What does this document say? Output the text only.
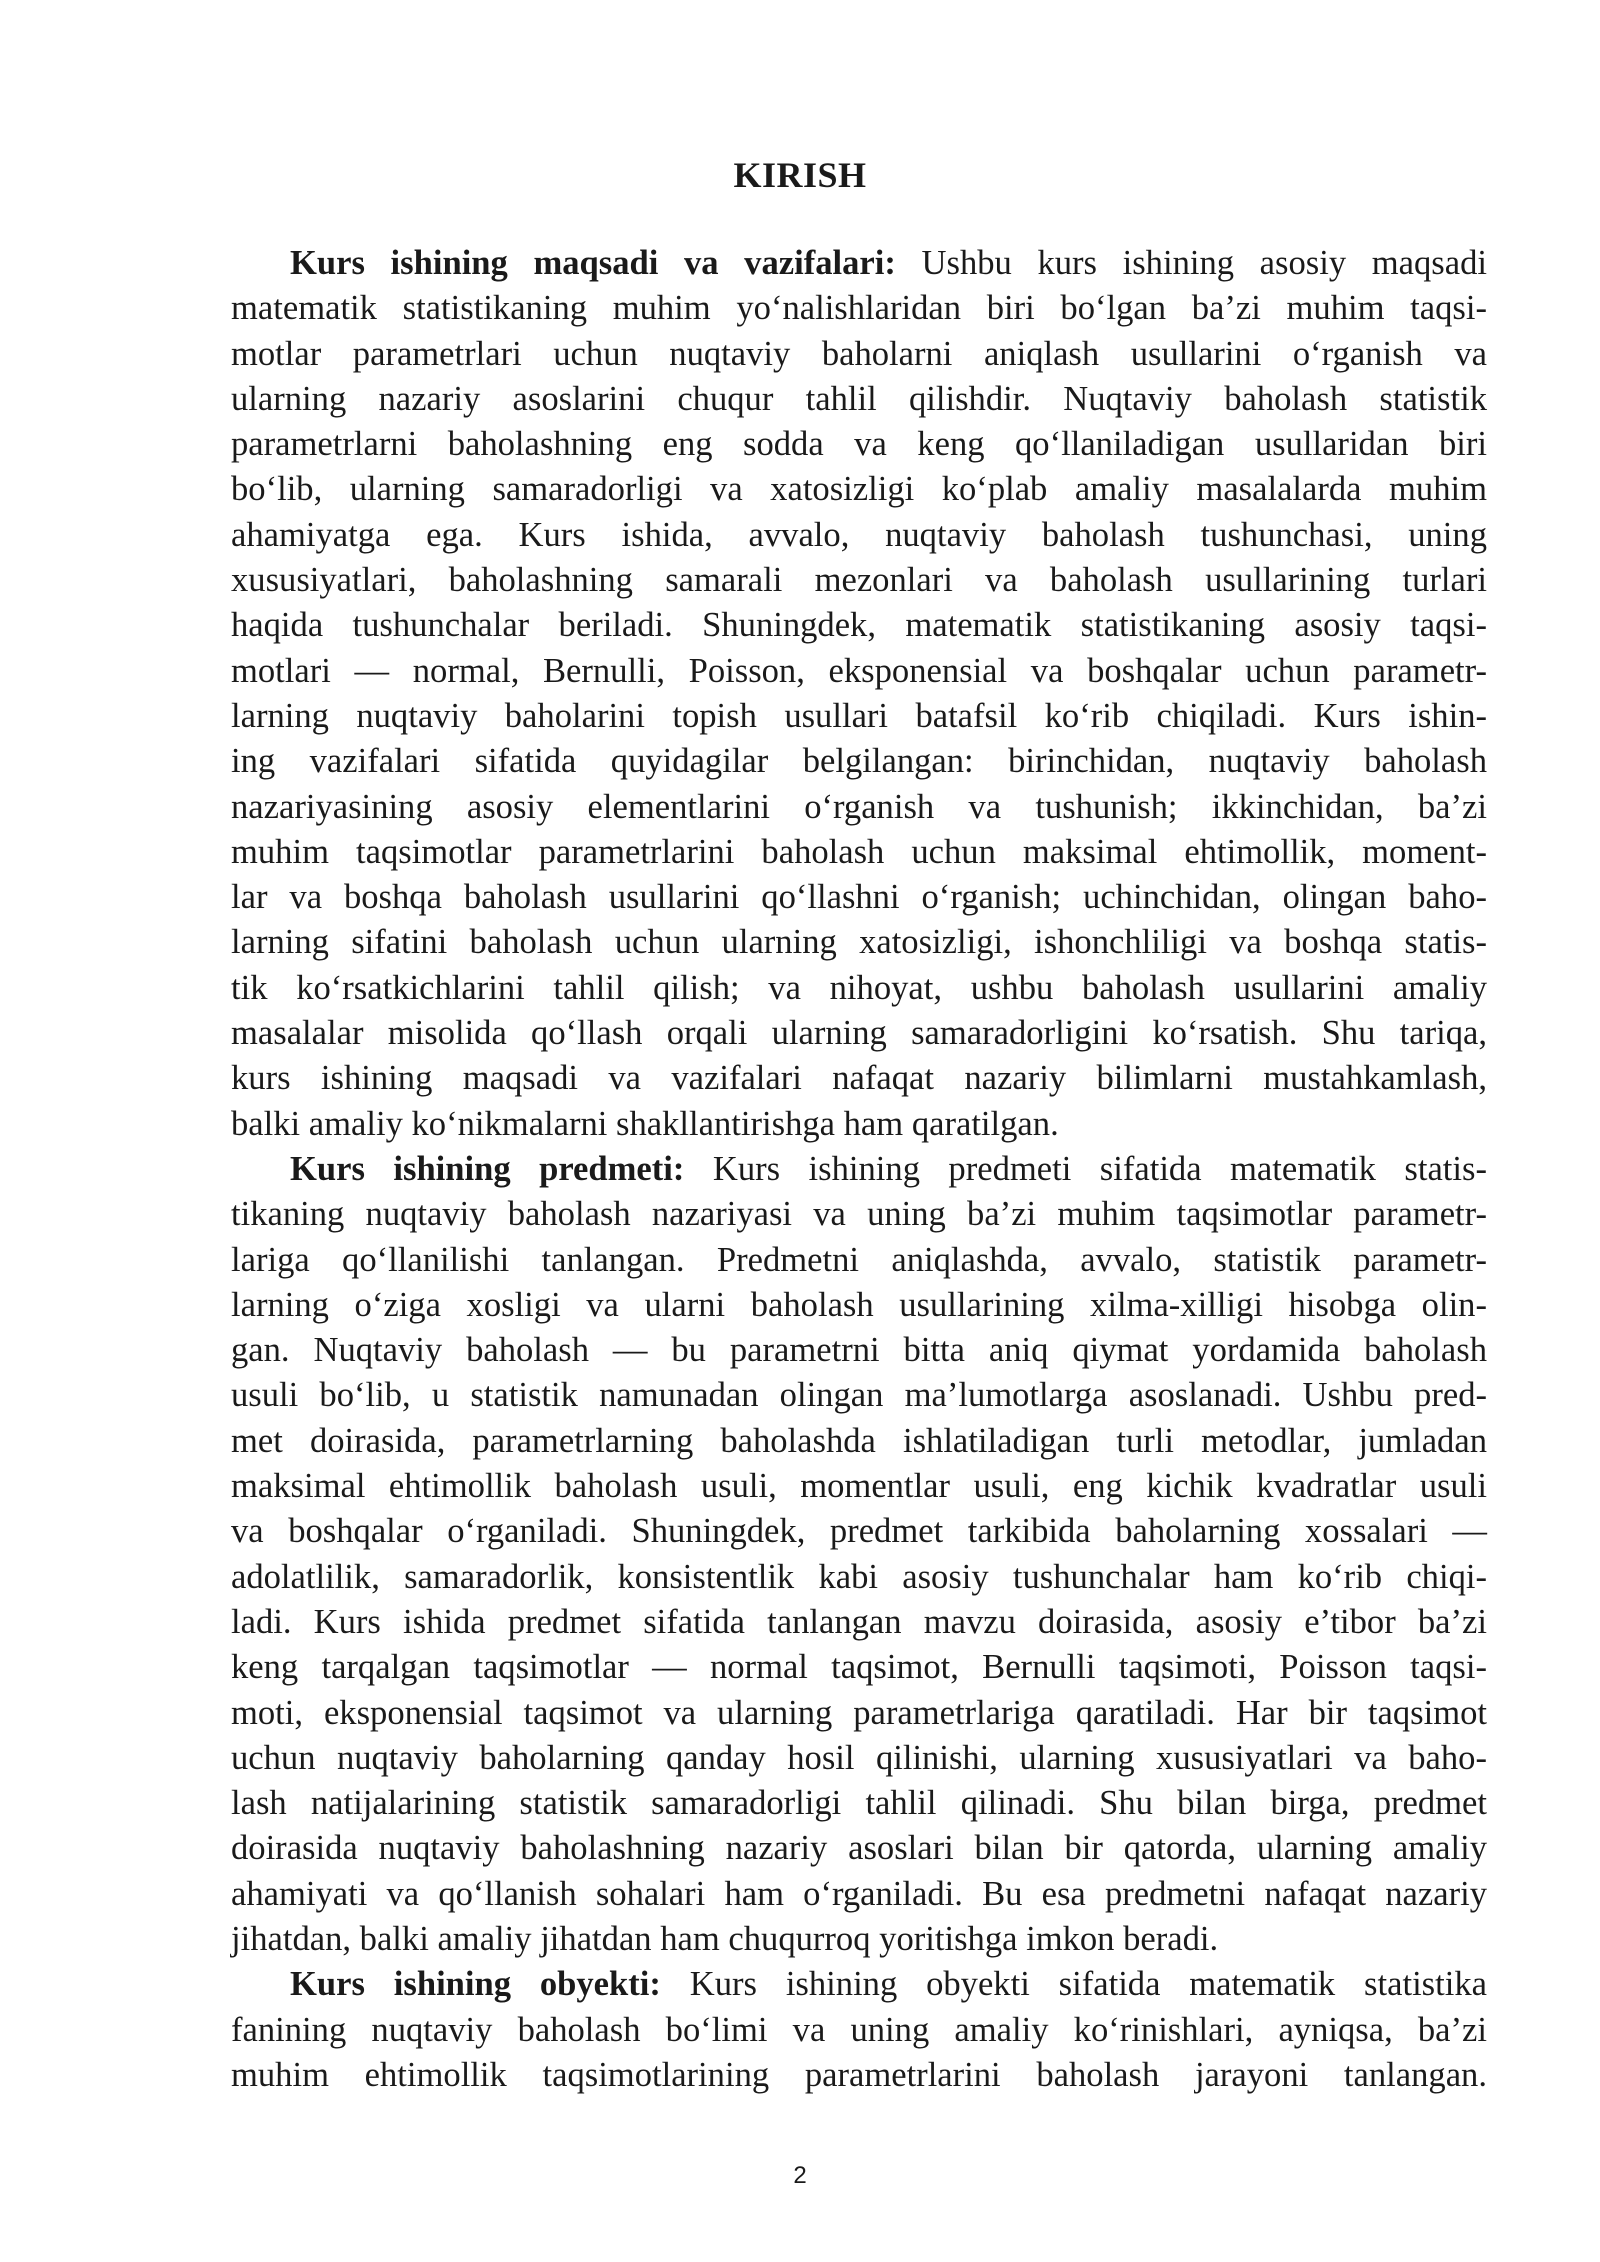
KIRISH
Kurs ishining maqsadi va vazifalari: Ushbu kurs ishining asosiy maqsadi
matematik statistikaning muhim yo‘nalishlaridan biri bo‘lgan ba’zi muhim taqsi-
motlar parametrlari uchun nuqtaviy baholarni aniqlash usullarini o‘rganish va
ularning nazariy asoslarini chuqur tahlil qilishdir. Nuqtaviy baholash statistik
parametrlarni baholashning eng sodda va keng qo‘llaniladigan usullaridan biri
bo‘lib, ularning samaradorligi va xatosizligi ko‘plab amaliy masalalarda muhim
ahamiyatga ega. Kurs ishida, avvalo, nuqtaviy baholash tushunchasi, uning
xususiyatlari, baholashning samarali mezonlari va baholash usullarining turlari
haqida tushunchalar beriladi. Shuningdek, matematik statistikaning asosiy taqsi-
motlari — normal, Bernulli, Poisson, eksponensial va boshqalar uchun parametr-
larning nuqtaviy baholarini topish usullari batafsil ko‘rib chiqiladi. Kurs ishin-
ing vazifalari sifatida quyidagilar belgilangan: birinchidan, nuqtaviy baholash
nazariyasining asosiy elementlarini o‘rganish va tushunish; ikkinchidan, ba’zi
muhim taqsimotlar parametrlarini baholash uchun maksimal ehtimollik, moment-
lar va boshqa baholash usullarini qo‘llashni o‘rganish; uchinchidan, olingan baho-
larning sifatini baholash uchun ularning xatosizligi, ishonchliligi va boshqa statis-
tik ko‘rsatkichlarini tahlil qilish; va nihoyat, ushbu baholash usullarini amaliy
masalalar misolida qo‘llash orqali ularning samaradorligini ko‘rsatish. Shu tariqa,
kurs ishining maqsadi va vazifalari nafaqat nazariy bilimlarni mustahkamlash,
balki amaliy ko‘nikmalarni shakllantirishga ham qaratilgan.
Kurs ishining predmeti: Kurs ishining predmeti sifatida matematik statis-
tikaning nuqtaviy baholash nazariyasi va uning ba’zi muhim taqsimotlar parametr-
lariga qo‘llanilishi tanlangan. Predmetni aniqlashda, avvalo, statistik parametr-
larning o‘ziga xosligi va ularni baholash usullarining xilma-xilligi hisobga olin-
gan. Nuqtaviy baholash — bu parametrni bitta aniq qiymat yordamida baholash
usuli bo‘lib, u statistik namunadan olingan ma’lumotlarga asoslanadi. Ushbu pred-
met doirasida, parametrlarning baholashda ishlatiladigan turli metodlar, jumladan
maksimal ehtimollik baholash usuli, momentlar usuli, eng kichik kvadratlar usuli
va boshqalar o‘rganiladi. Shuningdek, predmet tarkibida baholarning xossalari —
adolatlilik, samaradorlik, konsistentlik kabi asosiy tushunchalar ham ko‘rib chiqi-
ladi. Kurs ishida predmet sifatida tanlangan mavzu doirasida, asosiy e’tibor ba’zi
keng tarqalgan taqsimotlar — normal taqsimot, Bernulli taqsimoti, Poisson taqsi-
moti, eksponensial taqsimot va ularning parametrlariga qaratiladi. Har bir taqsimot
uchun nuqtaviy baholarning qanday hosil qilinishi, ularning xususiyatlari va baho-
lash natijalarining statistik samaradorligi tahlil qilinadi. Shu bilan birga, predmet
doirasida nuqtaviy baholashning nazariy asoslari bilan bir qatorda, ularning amaliy
ahamiyati va qo‘llanish sohalari ham o‘rganiladi. Bu esa predmetni nafaqat nazariy
jihatdan, balki amaliy jihatdan ham chuqurroq yoritishga imkon beradi.
Kurs ishining obyekti: Kurs ishining obyekti sifatida matematik statistika
fanining nuqtaviy baholash bo‘limi va uning amaliy ko‘rinishlari, ayniqsa, ba’zi
muhim ehtimollik taqsimotlarining parametrlarini baholash jarayoni tanlangan.
2
